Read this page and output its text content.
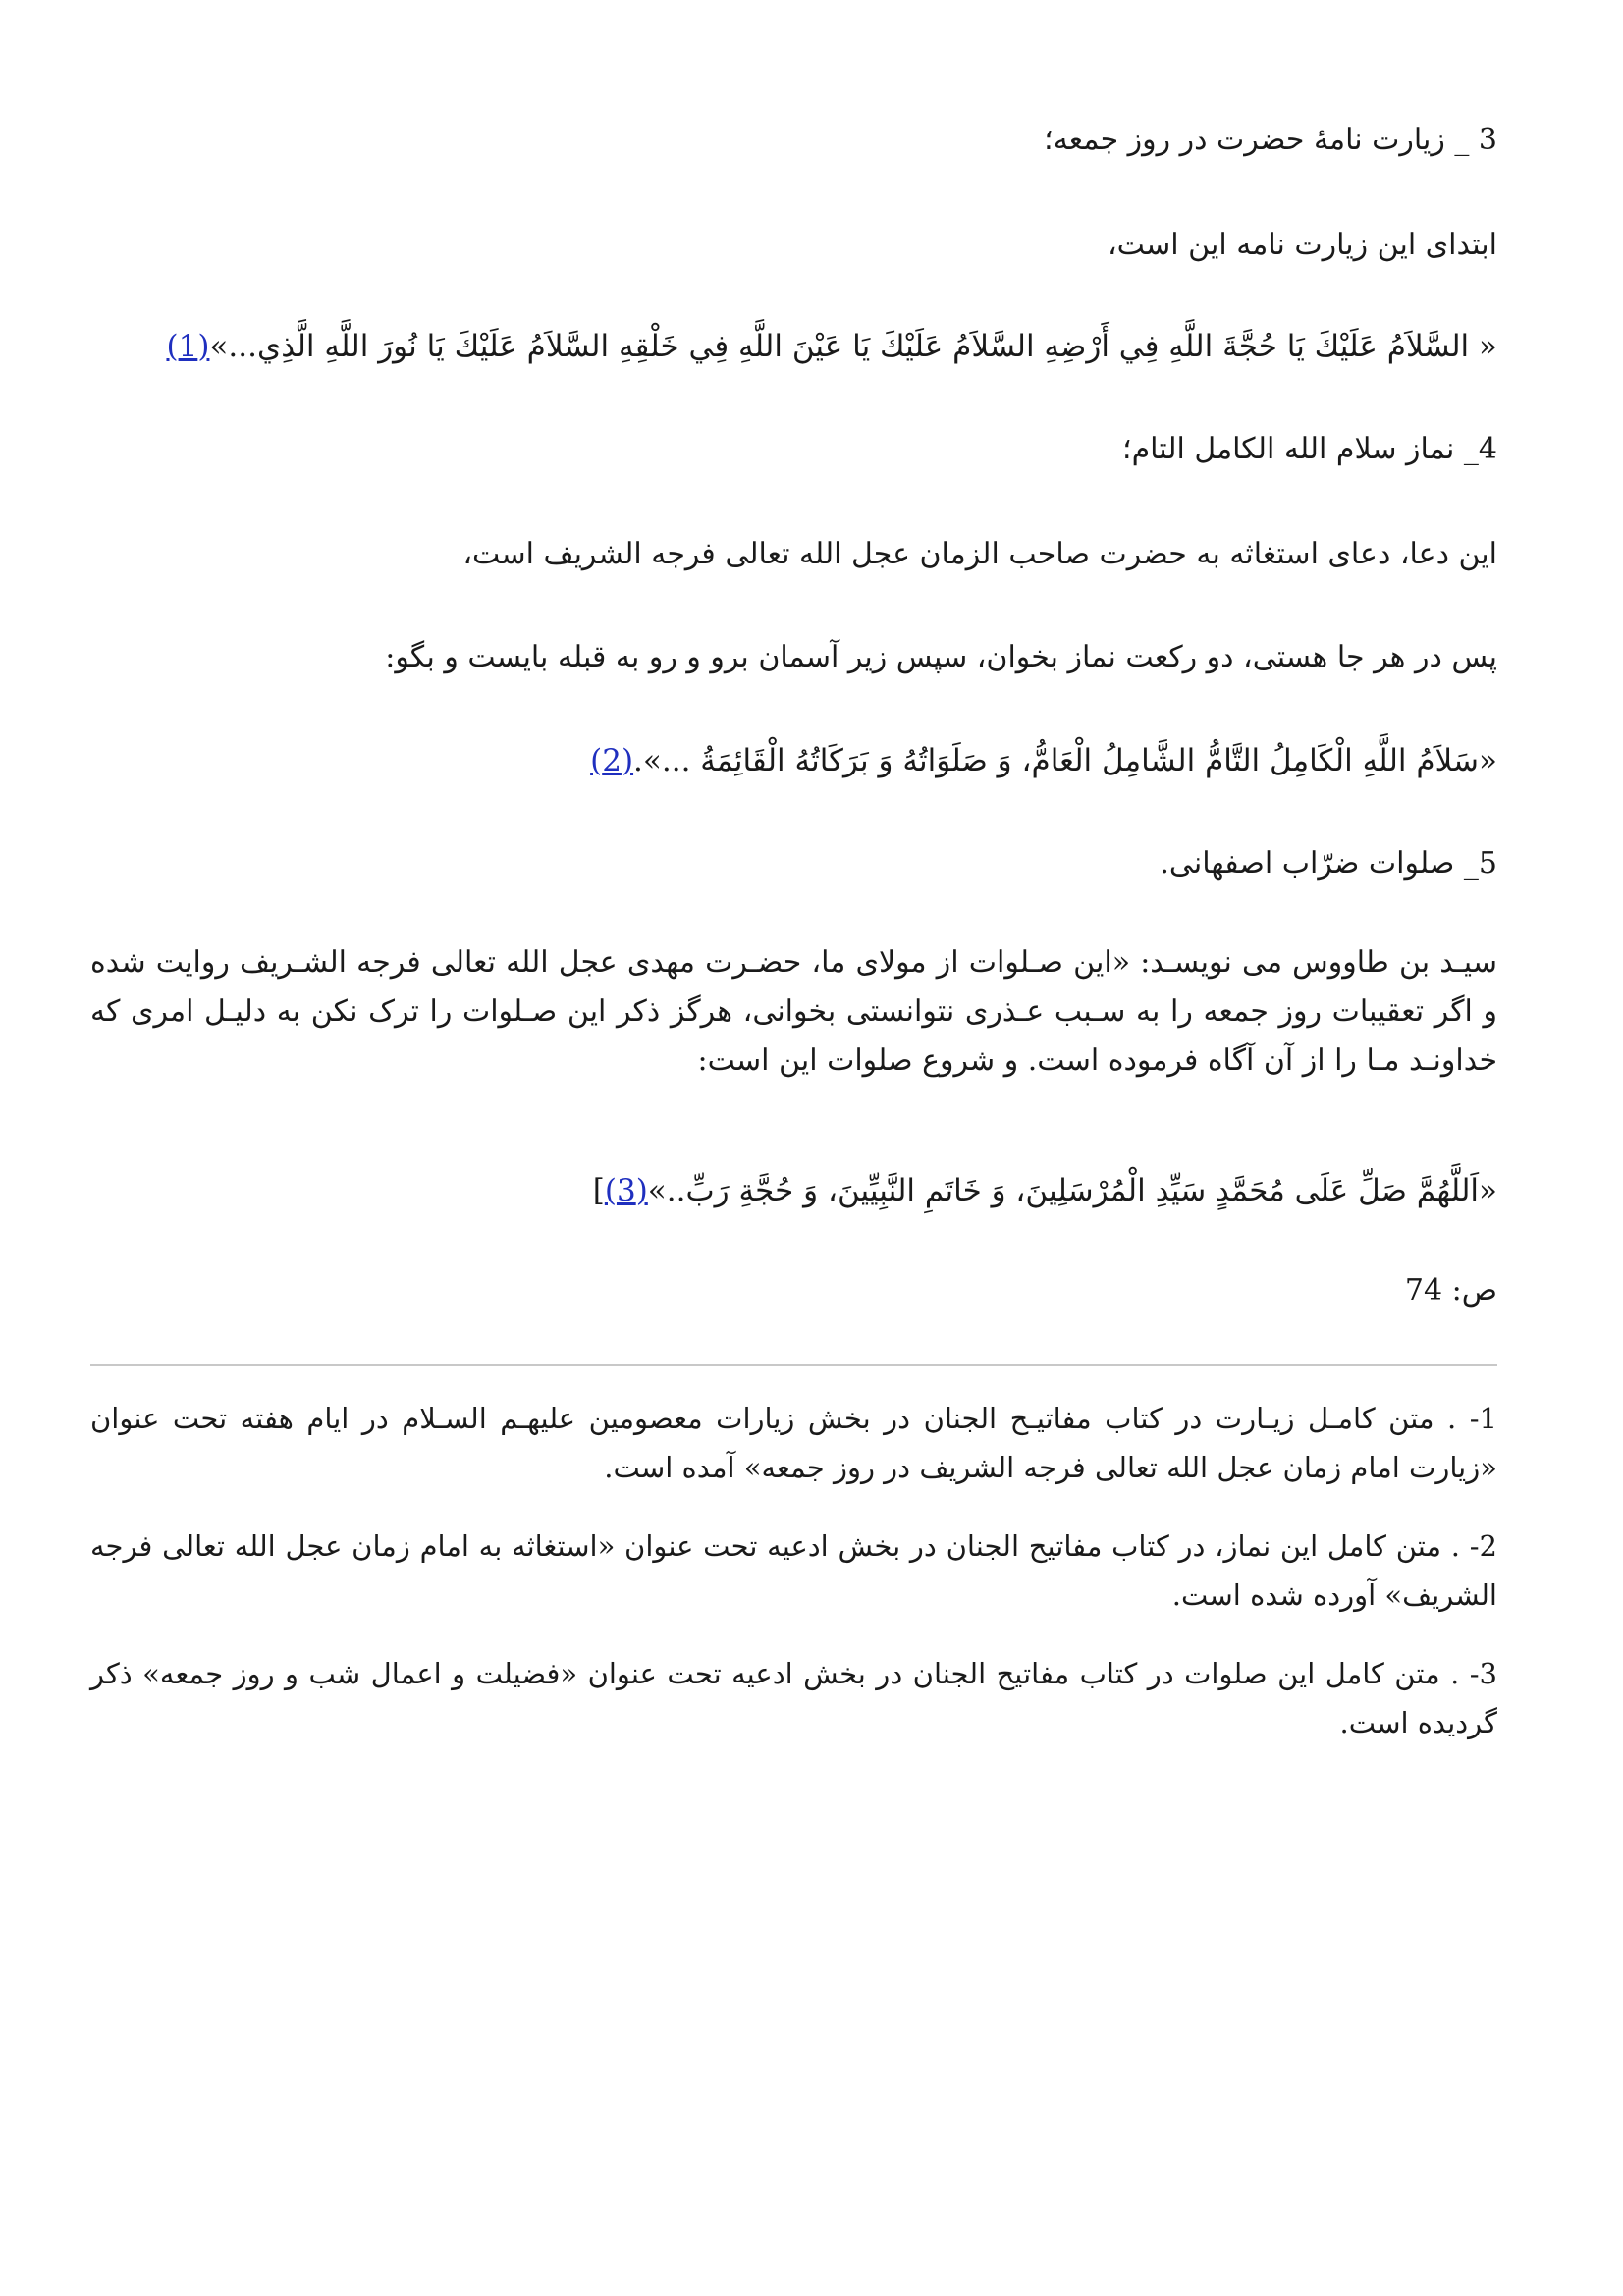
3 _ زیارت نامهٔ حضرت در روز جمعه؛
ابتدای این زیارت نامه این است،
« السَّلاَمُ عَلَیْكَ یَا حُجَّةَ اللَّهِ فِي أَرْضِهِ السَّلاَمُ عَلَیْكَ یَا عَیْنَ اللَّهِ فِي خَلْقِهِ السَّلاَمُ عَلَیْكَ یَا نُورَ اللَّهِ الَّذِي...»(1)
4_ نماز سلام الله الکامل التام؛
این دعا، دعای استغاثه به حضرت صاحب الزمان عجل الله تعالی فرجه الشریف است،
پس در هر جا هستی، دو رکعت نماز بخوان، سپس زیر آسمان برو و رو به قبله بایست و بگو:
«سَلاَمُ اللَّهِ الْكَامِلُ التَّامُّ الشَّامِلُ الْعَامُّ، وَ صَلَوَاتُهُ وَ بَرَكَاتُهُ الْقَائِمَةُ ...».(2)
5_ صلوات ضرّاب اصفهانی.
سیـد بن طاووس می نویسـد: «این صـلوات از مولای ما، حضـرت مهدی عجل الله تعالی فرجه الشـریف روایت شده و اگر تعقیبات روز جمعه را به سـبب عـذری نتوانستی بخوانی، هرگز ذکر این صـلوات را ترک نکن به دلیـل امری که خداونـد مـا را از آن آگاه فرموده است. و شروع صلوات این است:
«اَللَّهُمَّ صَلِّ عَلَى مُحَمَّدٍ سَیِّدِ الْمُرْسَلِینَ، وَ خَاتَمِ النَّبِیِّینَ، وَ حُجَّةِ رَبِّ..»(3)]
ص: 74
1- . متن کامـل زیـارت در کتاب مفاتیـح الجنان در بخش زیارات معصومین علیهـم السـلام در ایام هفته تحت عنوان «زیارت امام زمان عجل الله تعالی فرجه الشریف در روز جمعه» آمده است.
2- . متن کامل این نماز، در کتاب مفاتیح الجنان در بخش ادعیه تحت عنوان «استغاثه به امام زمان عجل الله تعالی فرجه الشریف» آورده شده است.
3- . متن کامل این صلوات در کتاب مفاتیح الجنان در بخش ادعیه تحت عنوان «فضیلت و اعمال شب و روز جمعه» ذکر گردیده است.
